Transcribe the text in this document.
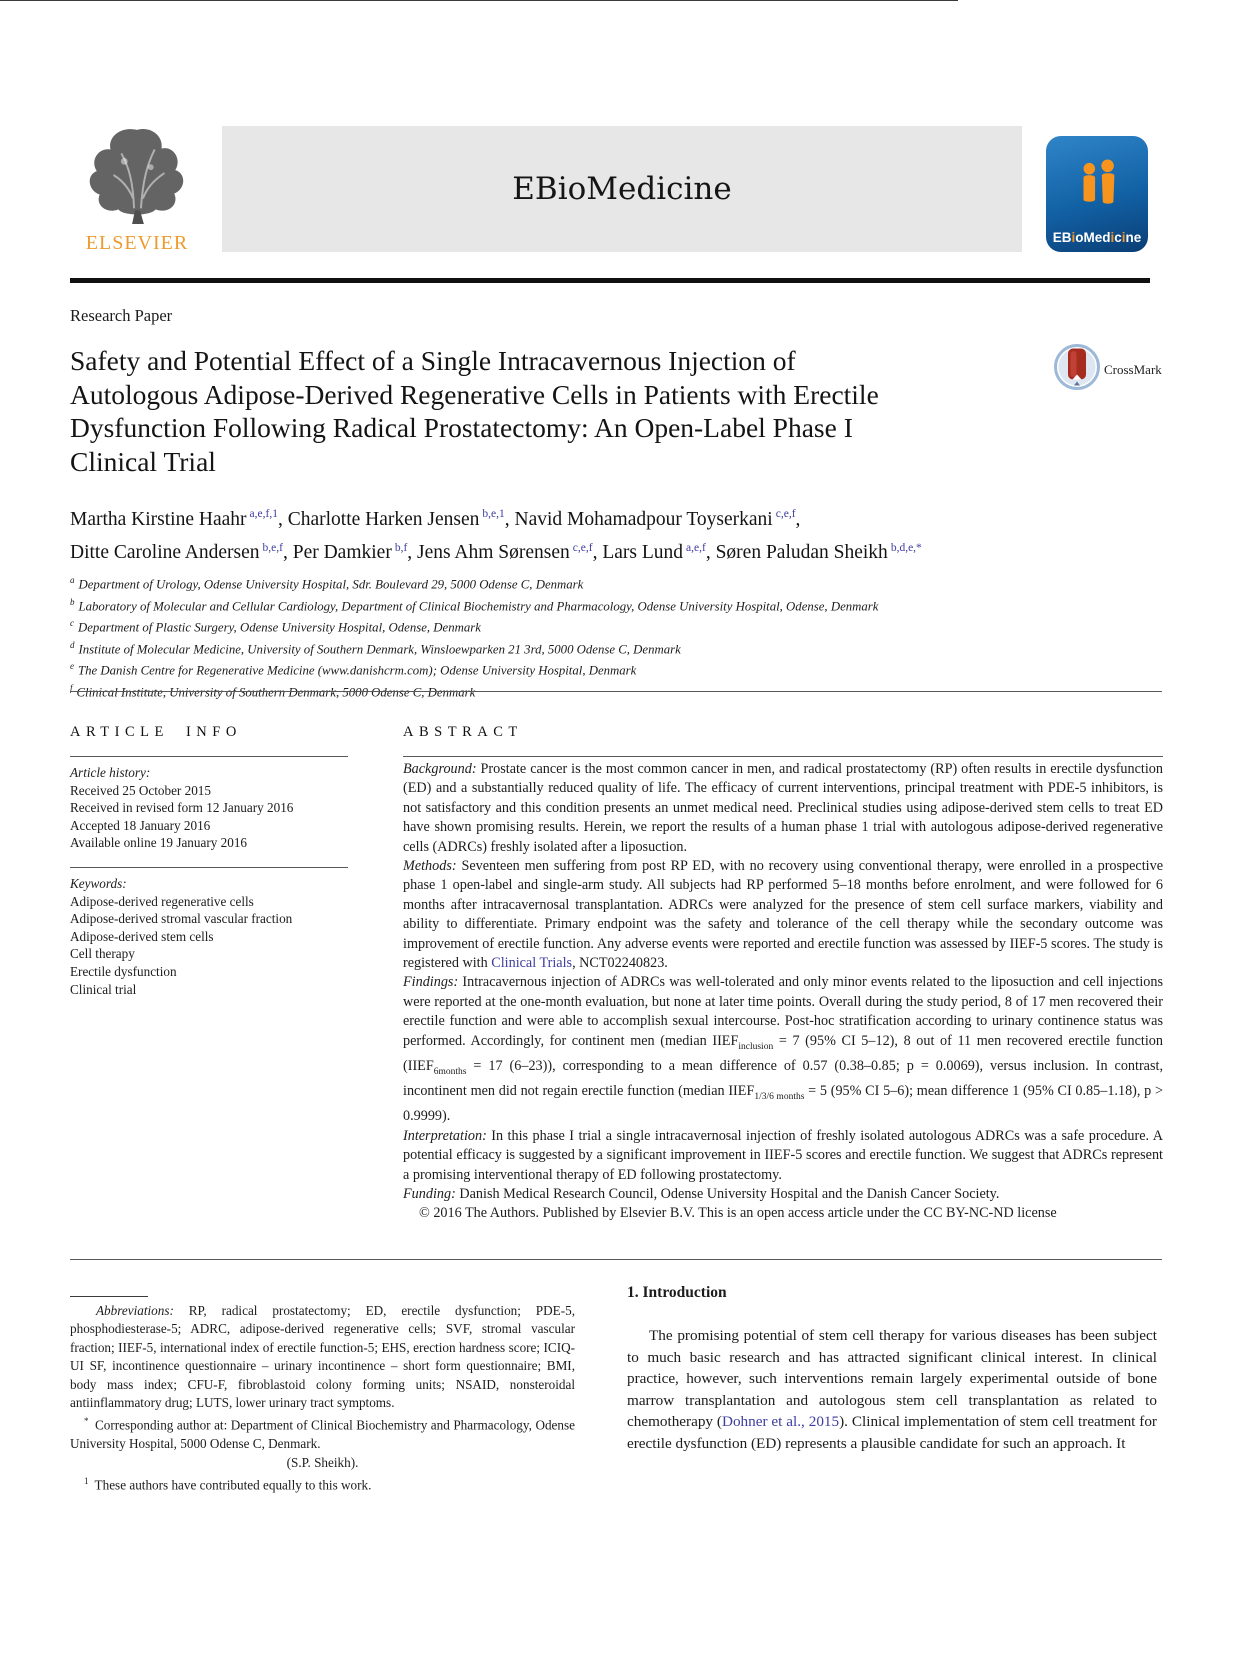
ELSEVIER
EBioMedicine
EBioMedicine
Research Paper
Safety and Potential Effect of a Single Intracavernous Injection of
Autologous Adipose-Derived Regenerative Cells in Patients with Erectile
Dysfunction Following Radical Prostatectomy: An Open-Label Phase I
Clinical Trial
CrossMark
Martha Kirstine Haahr $^{a,e,f,1}$, Charlotte Harken Jensen $^{b,e,1}$, Navid Mohamadpour Toyserkani $^{c,e,f}$,
Ditte Caroline Andersen $^{b,e,f}$, Per Damkier $^{b,f}$, Jens Ahm Sørensen $^{c,e,f}$, Lars Lund $^{a,e,f}$, Søren Paludan Sheikh $^{b,d,e,*}$
$^a$ Department of Urology, Odense University Hospital, Sdr. Boulevard 29, 5000 Odense C, Denmark
$^b$ Laboratory of Molecular and Cellular Cardiology, Department of Clinical Biochemistry and Pharmacology, Odense University Hospital, Odense, Denmark
$^c$ Department of Plastic Surgery, Odense University Hospital, Odense, Denmark
$^d$ Institute of Molecular Medicine, University of Southern Denmark, Winsloewparken 21 3rd, 5000 Odense C, Denmark
$^e$ The Danish Centre for Regenerative Medicine (www.danishcrm.com); Odense University Hospital, Denmark
$^f$ Clinical Institute, University of Southern Denmark, 5000 Odense C, Denmark
ARTICLE INFO
Article history:
Received 25 October 2015
Received in revised form 12 January 2016
Accepted 18 January 2016
Available online 19 January 2016
Keywords:
Adipose-derived regenerative cells
Adipose-derived stromal vascular fraction
Adipose-derived stem cells
Cell therapy
Erectile dysfunction
Clinical trial
ABSTRACT

Background: Prostate cancer is the most common cancer in men, and radical prostatectomy (RP) often results in erectile dysfunction (ED) and a substantially reduced quality of life. The efficacy of current interventions, principal treatment with PDE-5 inhibitors, is not satisfactory and this condition presents an unmet medical need. Preclinical studies using adipose-derived stem cells to treat ED have shown promising results. Herein, we report the results of a human phase 1 trial with autologous adipose-derived regenerative cells (ADRCs) freshly isolated after a liposuction.

Methods: Seventeen men suffering from post RP ED, with no recovery using conventional therapy, were enrolled in a prospective phase 1 open-label and single-arm study. All subjects had RP performed 5–18 months before enrolment, and were followed for 6 months after intracavernosal transplantation. ADRCs were analyzed for the presence of stem cell surface markers, viability and ability to differentiate. Primary endpoint was the safety and tolerance of the cell therapy while the secondary outcome was improvement of erectile function. Any adverse events were reported and erectile function was assessed by IIEF-5 scores. The study is registered with Clinical Trials, NCT02240823.

Findings: Intracavernous injection of ADRCs was well-tolerated and only minor events related to the liposuction and cell injections were reported at the one-month evaluation, but none at later time points. Overall during the study period, 8 of 17 men recovered their erectile function and were able to accomplish sexual intercourse. Post-hoc stratification according to urinary continence status was performed. Accordingly, for continent men (median $IIEF_{inclusion} = 7$ (95% CI 5–12), 8 out of 11 men recovered erectile function ($IIEF_{6months} = 17$ (6–23)), corresponding to a mean difference of 0.57 (0.38–0.85; p = 0.0069), versus inclusion. In contrast, incontinent men did not regain erectile function (median $IIEF_{1/3/6 months} = 5$ (95% CI 5–6); mean difference 1 (95% CI 0.85–1.18), p > 0.9999).

Interpretation: In this phase I trial a single intracavernosal injection of freshly isolated autologous ADRCs was a safe procedure. A potential efficacy is suggested by a significant improvement in IIEF-5 scores and erectile function. We suggest that ADRCs represent a promising interventional therapy of ED following prostatectomy.

Funding: Danish Medical Research Council, Odense University Hospital and the Danish Cancer Society.

© 2016 The Authors. Published by Elsevier B.V. This is an open access article under the CC BY-NC-ND license

Abbreviations: RP, radical prostatectomy; ED, erectile dysfunction; PDE-5, phosphodiesterase-5; ADRC, adipose-derived regenerative cells; SVF, stromal vascular fraction; IIEF-5, international index of erectile function-5; EHS, erection hardness score; ICIQ-UI SF, incontinence questionnaire – urinary incontinence – short form questionnaire; BMI, body mass index; CFU-F, fibroblastoid colony forming units; NSAID, nonsteroidal antiinflammatory drug; LUTS, lower urinary tract symptoms.

* Corresponding author at: Department of Clinical Biochemistry and Pharmacology, Odense University Hospital, 5000 Odense C, Denmark.

(S.P. Sheikh).

$^1$ These authors have contributed equally to this work.

1. Introduction

The promising potential of stem cell therapy for various diseases has been subject to much basic research and has attracted significant clinical interest. In clinical practice, however, such interventions remain largely experimental outside of bone marrow transplantation and autologous stem cell transplantation as related to chemotherapy (Dohner et al., 2015). Clinical implementation of stem cell treatment for erectile dysfunction (ED) represents a plausible candidate for such an approach. It
